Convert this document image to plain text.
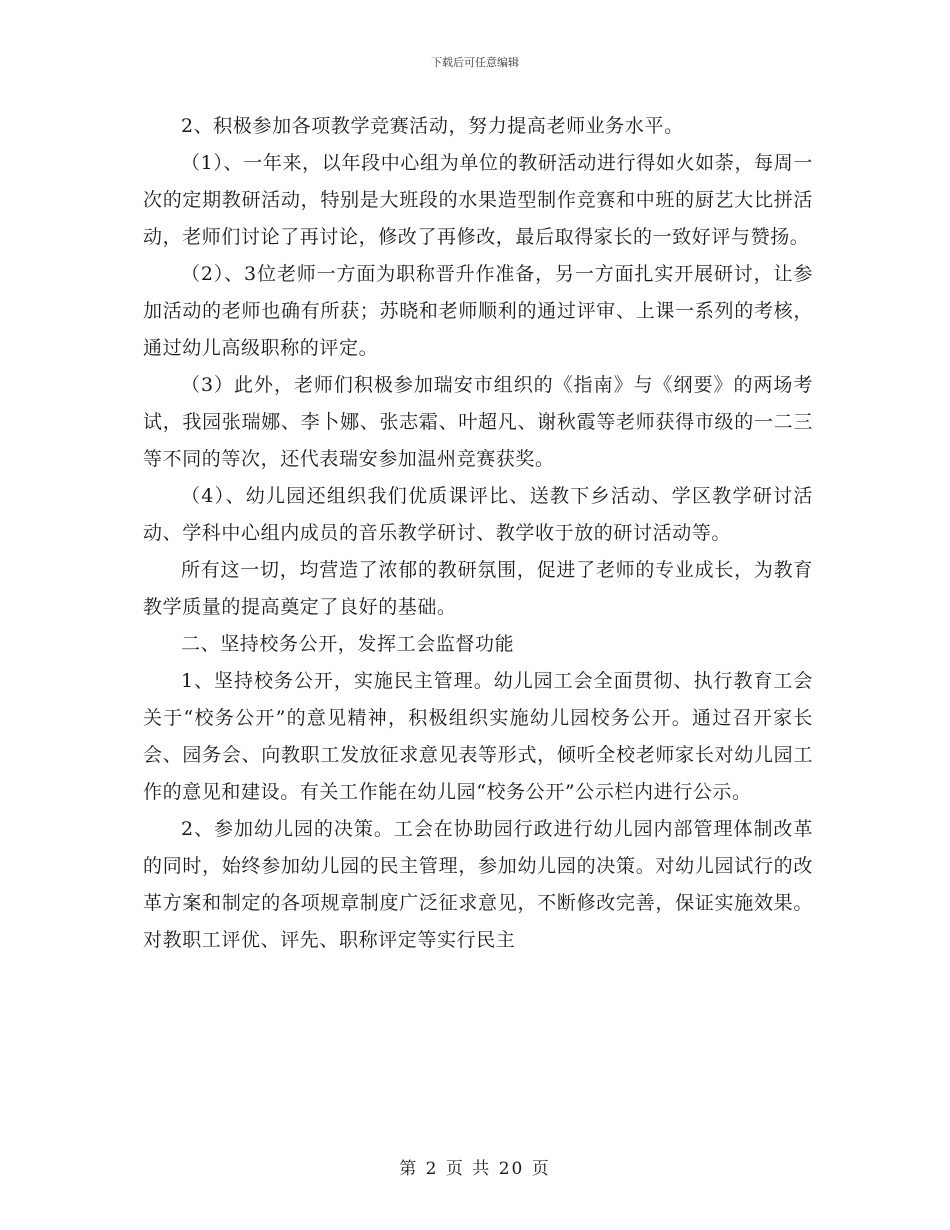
下载后可任意编辑

2、积极参加各项教学竞赛活动，努力提高老师业务水平。

（1）、一年来，以年段中心组为单位的教研活动进行得如火如荼，每周一次的定期教研活动，特别是大班段的水果造型制作竞赛和中班的厨艺大比拼活动，老师们讨论了再讨论，修改了再修改，最后取得家长的一致好评与赞扬。

（2）、3位老师一方面为职称晋升作准备，另一方面扎实开展研讨，让参加活动的老师也确有所获；苏晓和老师顺利的通过评审、上课一系列的考核，通过幼儿高级职称的评定。

（3）此外，老师们积极参加瑞安市组织的《指南》与《纲要》的两场考试，我园张瑞娜、李卜娜、张志霜、叶超凡、谢秋霞等老师获得市级的一二三等不同的等次，还代表瑞安参加温州竞赛获奖。

（4）、幼儿园还组织我们优质课评比、送教下乡活动、学区教学研讨活动、学科中心组内成员的音乐教学研讨、教学收于放的研讨活动等。

所有这一切，均营造了浓郁的教研氛围，促进了老师的专业成长，为教育教学质量的提高奠定了良好的基础。

二、坚持校务公开，发挥工会监督功能

1、坚持校务公开，实施民主管理。幼儿园工会全面贯彻、执行教育工会关于“校务公开”的意见精神，积极组织实施幼儿园校务公开。通过召开家长会、园务会、向教职工发放征求意见表等形式，倾听全校老师家长对幼儿园工作的意见和建设。有关工作能在幼儿园“校务公开”公示栏内进行公示。

2、参加幼儿园的决策。工会在协助园行政进行幼儿园内部管理体制改革的同时，始终参加幼儿园的民主管理，参加幼儿园的决策。对幼儿园试行的改革方案和制定的各项规章制度广泛征求意见，不断修改完善，保证实施效果。对教职工评优、评先、职称评定等实行民主

第 2 页 共 20 页
